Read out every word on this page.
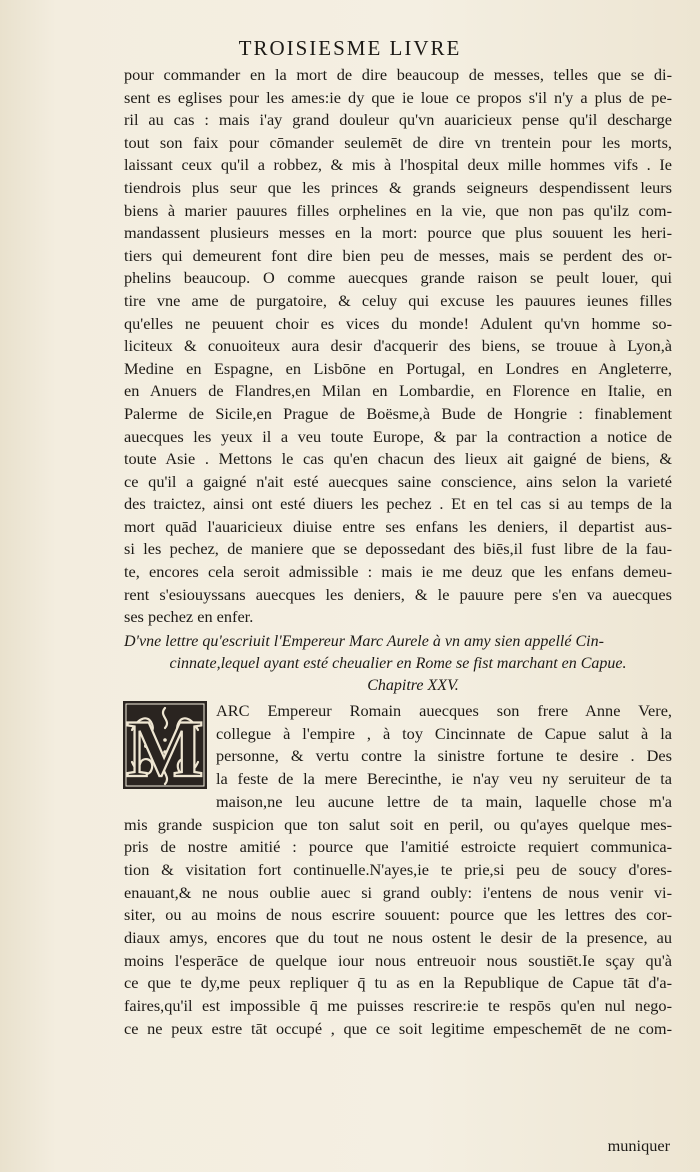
TROISIESME LIVRE
pour commander en la mort de dire beaucoup de messes, telles que se di-
sent es eglises pour les ames:ie dy que ie loue ce propos s'il n'y a plus de pe-
ril au cas : mais i'ay grand douleur qu'vn auaricieux pense qu'il descharge
tout son faix pour cōmander seulemēt de dire vn trentein pour les morts,
laissant ceux qu'il a robbez, & mis à l'hospital deux mille hommes vifs . Ie
tiendrois plus seur que les princes & grands seigneurs despendissent leurs
biens à marier pauures filles orphelines en la vie, que non pas qu'ilz com-
mandassent plusieurs messes en la mort: pource que plus souuent les heri-
tiers qui demeurent font dire bien peu de messes, mais se perdent des or-
phelins beaucoup. O comme auecques grande raison se peult louer, qui
tire vne ame de purgatoire, & celuy qui excuse les pauures ieunes filles
qu'elles ne peuuent choir es vices du monde! Adulent qu'vn homme so-
liciteux & conuoiteux aura desir d'acquerir des biens, se trouue à Lyon,à
Medine en Espagne, en Lisbōne en Portugal, en Londres en Angleterre,
en Anuers de Flandres,en Milan en Lombardie, en Florence en Italie, en
Palerme de Sicile,en Prague de Boësme,à Bude de Hongrie : finablement
auecques les yeux il a veu toute Europe, & par la contraction a notice de
toute Asie . Mettons le cas qu'en chacun des lieux ait gaigné de biens, &
ce qu'il a gaigné n'ait esté auecques saine conscience, ains selon la varieté
des traictez, ainsi ont esté diuers les pechez . Et en tel cas si au temps de la
mort quād l'auaricieux diuise entre ses enfans les deniers, il departist aus-
si les pechez, de maniere que se depossedant des biēs,il fust libre de la fau-
te, encores cela seroit admissible : mais ie me deuz que les enfans demeu-
rent s'esiouyssans auecques les deniers, & le pauure pere s'en va auecques
ses pechez en enfer.
D'vne lettre qu'escriuit l'Empereur Marc Aurele à vn amy sien appellé Cin-
cinnate,lequel ayant esté cheualier en Rome se fist marchant en Capue.
Chapitre XXV.
M ARC Empereur Romain auecques son frere Anne Vere,
collegue à l'empire , à toy Cincinnate de Capue salut à la
personne, & vertu contre la sinistre fortune te desire . Des
la feste de la mere Berecinthe, ie n'ay veu ny seruiteur de ta
maison,ne leu aucune lettre de ta main, laquelle chose m'a
mis grande suspicion que ton salut soit en peril, ou qu'ayes quelque mes-
pris de nostre amitié : pource que l'amitié estroicte requiert communica-
tion & visitation fort continuelle.N'ayes,ie te prie,si peu de soucy d'ores-
enauant,& ne nous oublie auec si grand oubly: i'entens de nous venir vi-
siter, ou au moins de nous escrire souuent: pource que les lettres des cor-
diaux amys, encores que du tout ne nous ostent le desir de la presence, au
moins l'esperāce de quelque iour nous entreuoir nous soustiēt.Ie sçay qu'à
ce que te dy,me peux repliquer q̄ tu as en la Republique de Capue tāt d'a-
faires,qu'il est impossible q̄ me puisses rescrire:ie te respōs qu'en nul nego-
ce ne peux estre tāt occupé , que ce soit legitime empeschemēt de ne com-
muniquer
